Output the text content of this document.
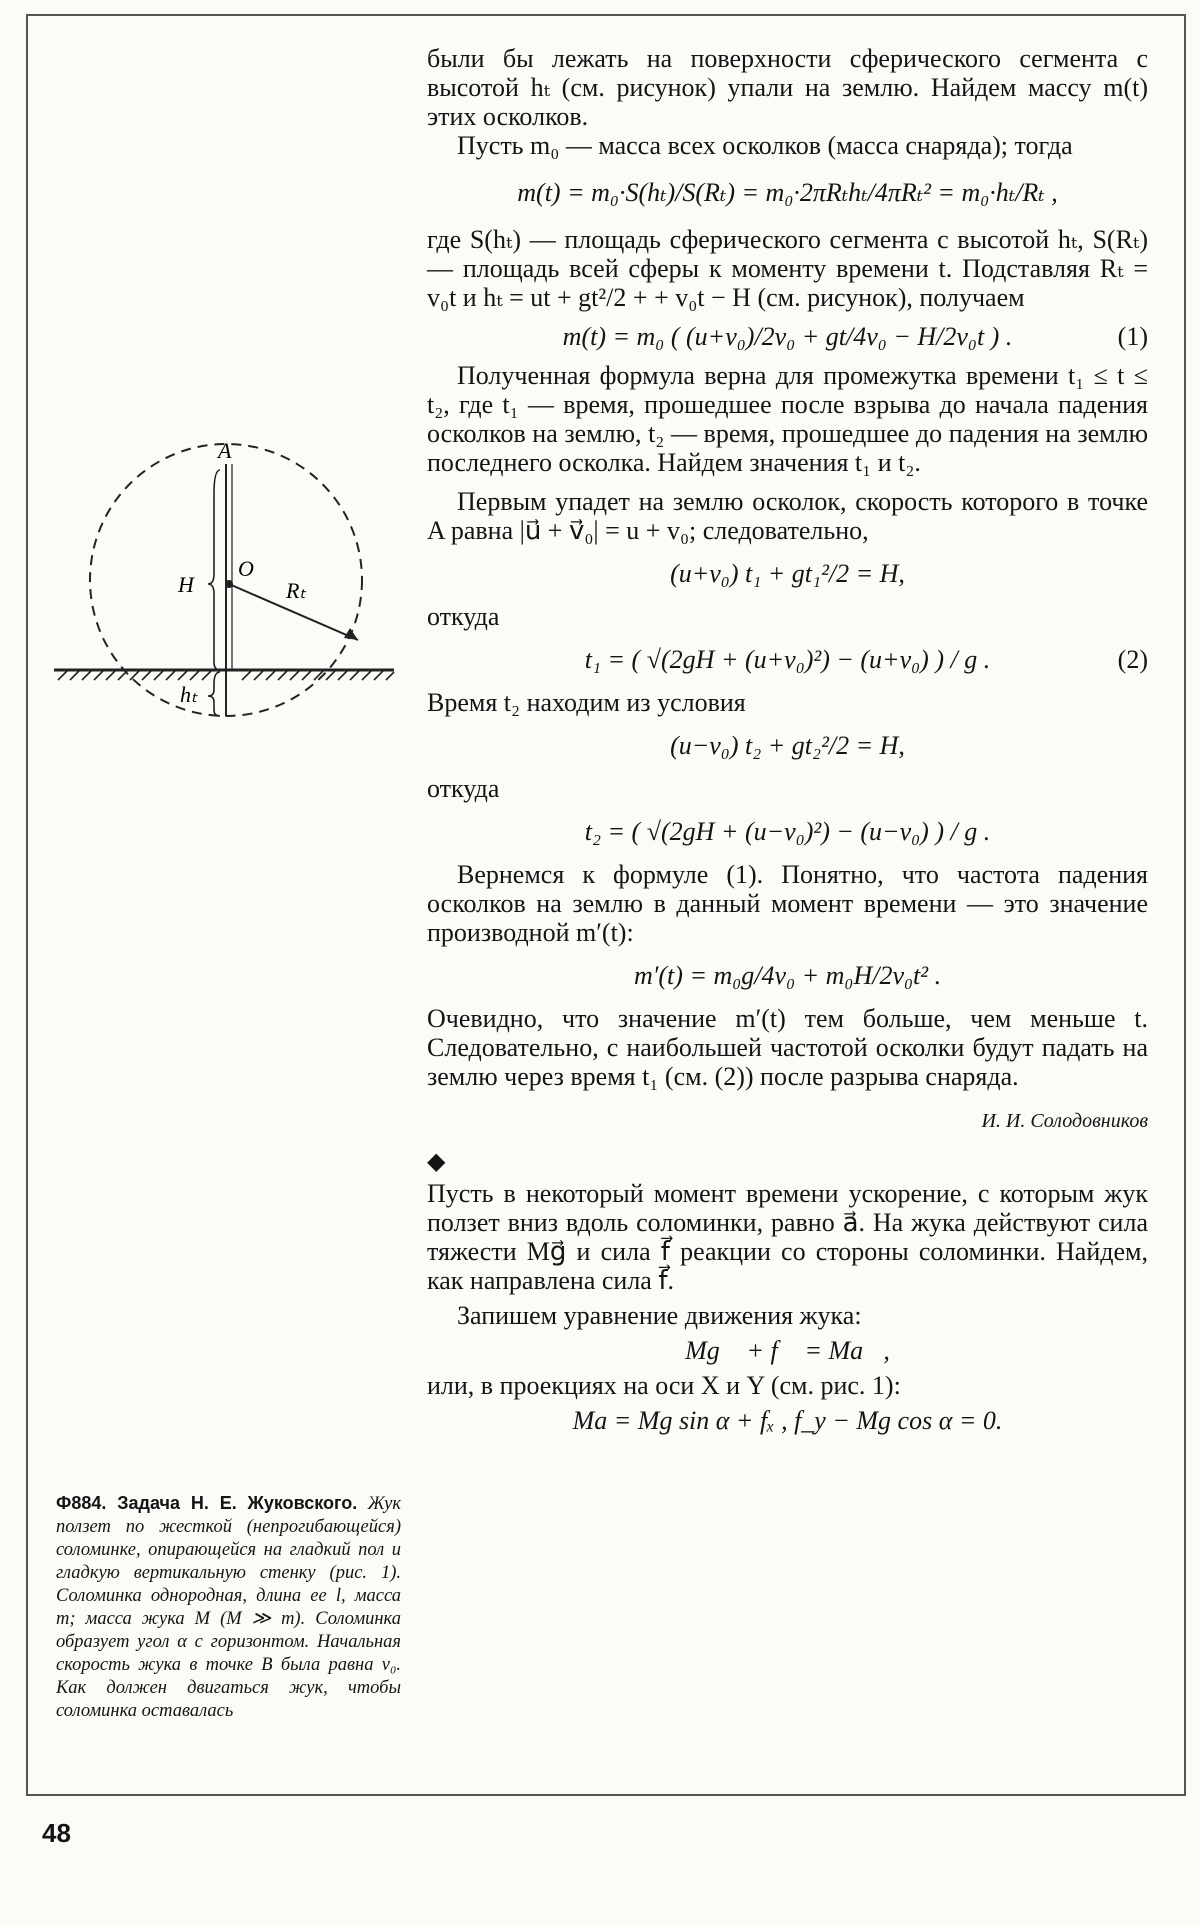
A
O
H	Rₜ
hₜ

были бы лежать на поверхности сферического сегмента с высотой hₜ (см. рисунок) упали на землю. Найдем массу m(t) этих осколков.

Пусть m₀ — масса всех осколков (масса снаряда); тогда

m(t) = m₀·S(hₜ)/S(Rₜ) = m₀·2πRₜhₜ/4πRₜ² = m₀·hₜ/Rₜ ,

где S(hₜ) — площадь сферического сегмента с высотой hₜ, S(Rₜ) — площадь всей сферы к моменту времени t. Подставляя Rₜ = v₀t и hₜ = ut + gt²/2 + + v₀t − H (см. рисунок), получаем

m(t) = m₀ ( (u+v₀)/2v₀ + gt/4v₀ − H/2v₀t ) .	(1)

Полученная формула верна для промежутка времени t₁ ≤ t ≤ t₂, где t₁ — время, прошедшее после взрыва до начала падения осколков на землю, t₂ — время, прошедшее до падения на землю последнего осколка. Найдем значения t₁ и t₂.

Первым упадет на землю осколок, скорость которого в точке A равна |u⃗ + v⃗₀| = u + v₀; следовательно,

(u+v₀) t₁ + gt₁²/2 = H,

откуда

t₁ = ( √(2gH + (u+v₀)²) − (u+v₀) ) / g .	(2)

Время t₂ находим из условия

(u−v₀) t₂ + gt₂²/2 = H,

откуда

t₂ = ( √(2gH + (u−v₀)²) − (u−v₀) ) / g .

Вернемся к формуле (1). Понятно, что частота падения осколков на землю в данный момент времени — это значение производной m′(t):

m′(t) = m₀g/4v₀ + m₀H/2v₀t² .

Очевидно, что значение m′(t) тем больше, чем меньше t. Следовательно, с наибольшей частотой осколки будут падать на землю через время t₁ (см. (2)) после разрыва снаряда.

И. И. Солодовников

◆

Пусть в некоторый момент времени ускорение, с которым жук ползет вниз вдоль соломинки, равно a⃗. На жука действуют сила тяжести Mg⃗ и сила f⃗ реакции со стороны соломинки. Найдем, как направлена сила f⃗.

Запишем уравнение движения жука:

Mg⃗ + f⃗ = Ma⃗,

или, в проекциях на оси X и Y (см. рис. 1):

Ma = Mg sin α + fₓ , f_y − Mg cos α = 0.

Ф884. Задача Н. Е. Жуковского. Жук ползет по жесткой (непрогибающейся) соломинке, опирающейся на гладкий пол и гладкую вертикальную стенку (рис. 1). Соломинка однородная, длина ее l, масса m; масса жука M (M ≫ m). Соломинка образует угол α с горизонтом. Начальная скорость жука в точке B была равна v₀. Как должен двигаться жук, чтобы соломинка оставалась
48
